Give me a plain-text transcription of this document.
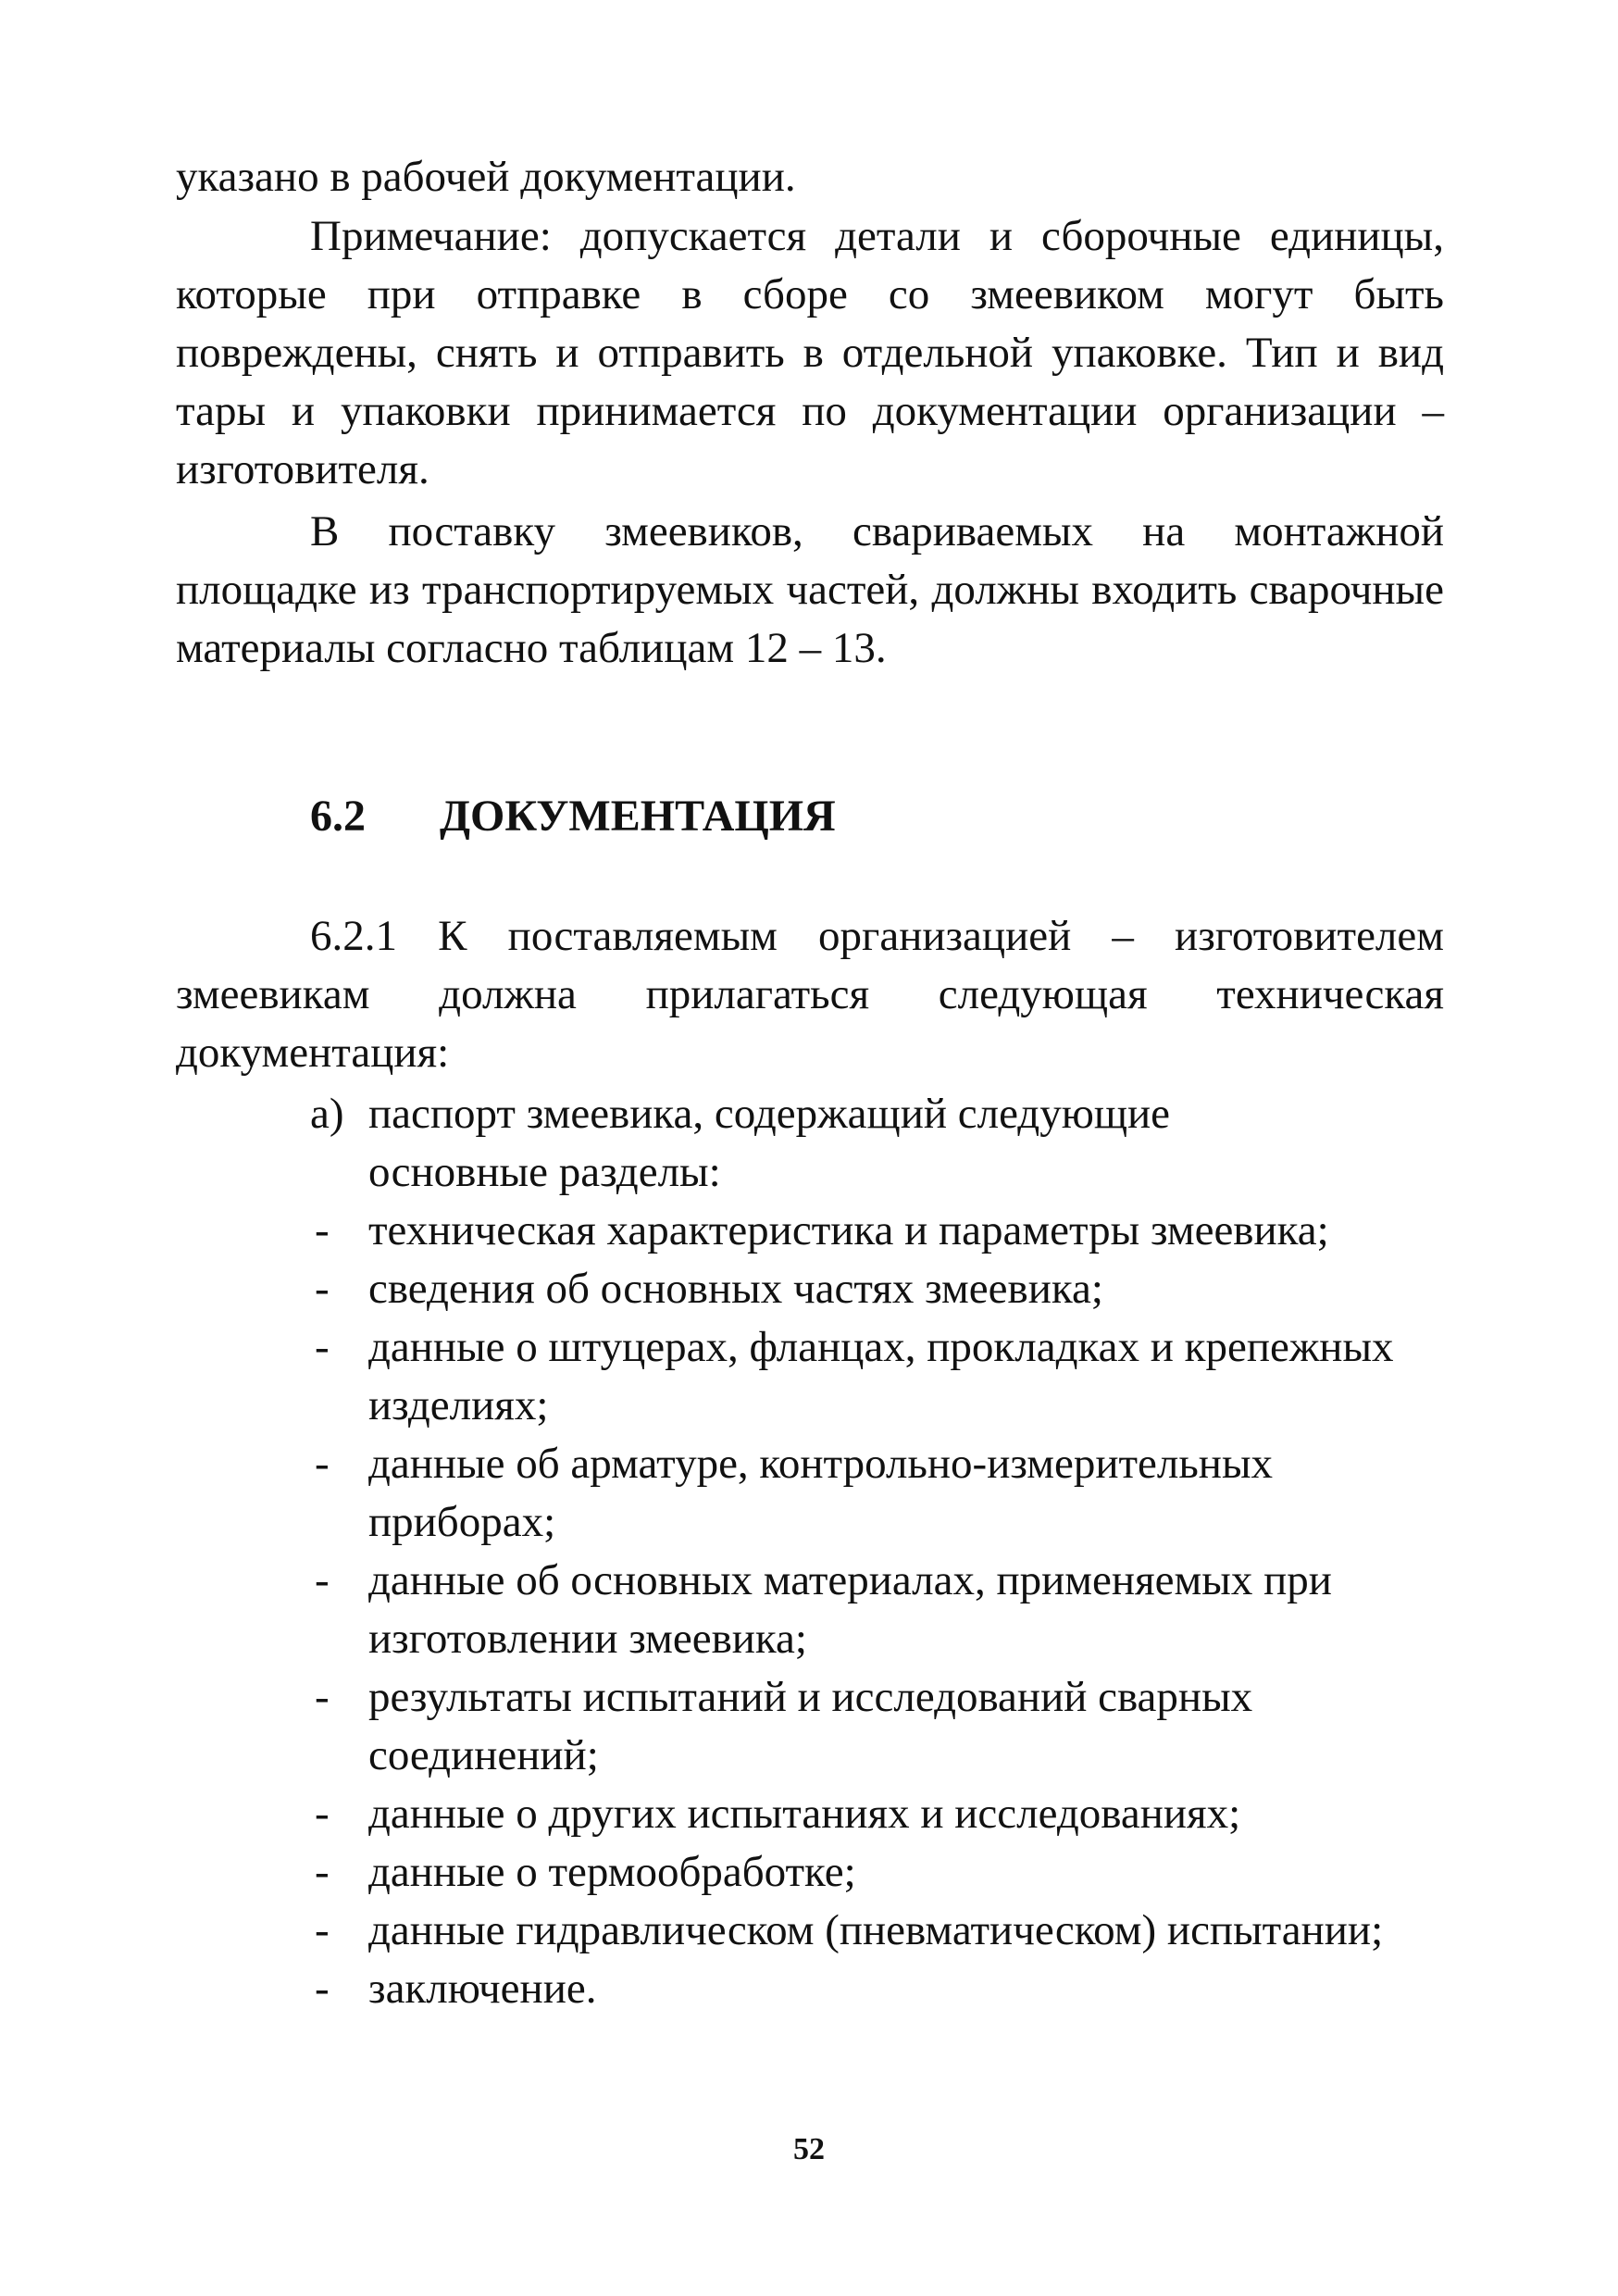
указано в рабочей документации.

Примечание: допускается детали и сборочные единицы, которые при отправке в сборе со змеевиком могут быть повреждены, снять и отправить в отдельной упаковке. Тип и вид тары и упаковки принимается по документации организации – изготовителя.

В поставку змеевиков, свариваемых на монтажной площадке из транспортируемых частей, должны входить сварочные материалы согласно таблицам 12 – 13.

6.2 ДОКУМЕНТАЦИЯ

6.2.1 К поставляемым организацией – изготовителем змеевикам должна прилагаться следующая техническая документация:

а) паспорт змеевика, содержащий следующие основные разделы:
- техническая характеристика и параметры змеевика;
- сведения об основных частях змеевика;
- данные о штуцерах, фланцах, прокладках и крепежных изделиях;
- данные об арматуре, контрольно-измерительных приборах;
- данные об основных материалах, применяемых при изготовлении змеевика;
- результаты испытаний и исследований сварных соединений;
- данные о других испытаниях и исследованиях;
- данные о термообработке;
- данные гидравлическом (пневматическом) испытании;
- заключение.
52
